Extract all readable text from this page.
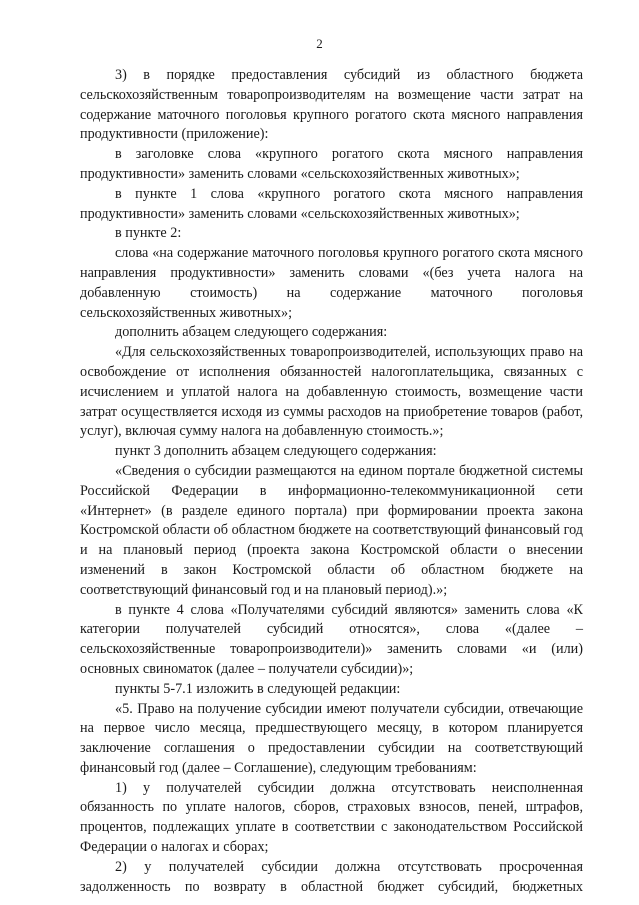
2

3) в порядке предоставления субсидий из областного бюджета сельскохозяйственным товаропроизводителям на возмещение части затрат на содержание маточного поголовья крупного рогатого скота мясного направления продуктивности (приложение):

в заголовке слова «крупного рогатого скота мясного направления продуктивности» заменить словами «сельскохозяйственных животных»;

в пункте 1 слова «крупного рогатого скота мясного направления продуктивности» заменить словами «сельскохозяйственных животных»;

в пункте 2:

слова «на содержание маточного поголовья крупного рогатого скота мясного направления продуктивности» заменить словами «(без учета налога на добавленную стоимость) на содержание маточного поголовья сельскохозяйственных животных»;

дополнить абзацем следующего содержания:

«Для сельскохозяйственных товаропроизводителей, использующих право на освобождение от исполнения обязанностей налогоплательщика, связанных с исчислением и уплатой налога на добавленную стоимость, возмещение части затрат осуществляется исходя из суммы расходов на приобретение товаров (работ, услуг), включая сумму налога на добавленную стоимость.»;

пункт 3 дополнить абзацем следующего содержания:

«Сведения о субсидии размещаются на едином портале бюджетной системы Российской Федерации в информационно-телекоммуникационной сети «Интернет» (в разделе единого портала) при формировании проекта закона Костромской области об областном бюджете на соответствующий финансовый год и на плановый период (проекта закона Костромской области о внесении изменений в закон Костромской области об областном бюджете на соответствующий финансовый год и на плановый период).»;

в пункте 4 слова «Получателями субсидий являются» заменить слова «К категории получателей субсидий относятся», слова «(далее – сельскохозяйственные товаропроизводители)» заменить словами «и (или) основных свиноматок (далее – получатели субсидии)»;

пункты 5-7.1 изложить в следующей редакции:

«5. Право на получение субсидии имеют получатели субсидии, отвечающие на первое число месяца, предшествующего месяцу, в котором планируется заключение соглашения о предоставлении субсидии на соответствующий финансовый год (далее – Соглашение), следующим требованиям:

1) у получателей субсидии должна отсутствовать неисполненная обязанность по уплате налогов, сборов, страховых взносов, пеней, штрафов, процентов, подлежащих уплате в соответствии с законодательством Российской Федерации о налогах и сборах;

2) у получателей субсидии должна отсутствовать просроченная задолженность по возврату в областной бюджет субсидий, бюджетных
